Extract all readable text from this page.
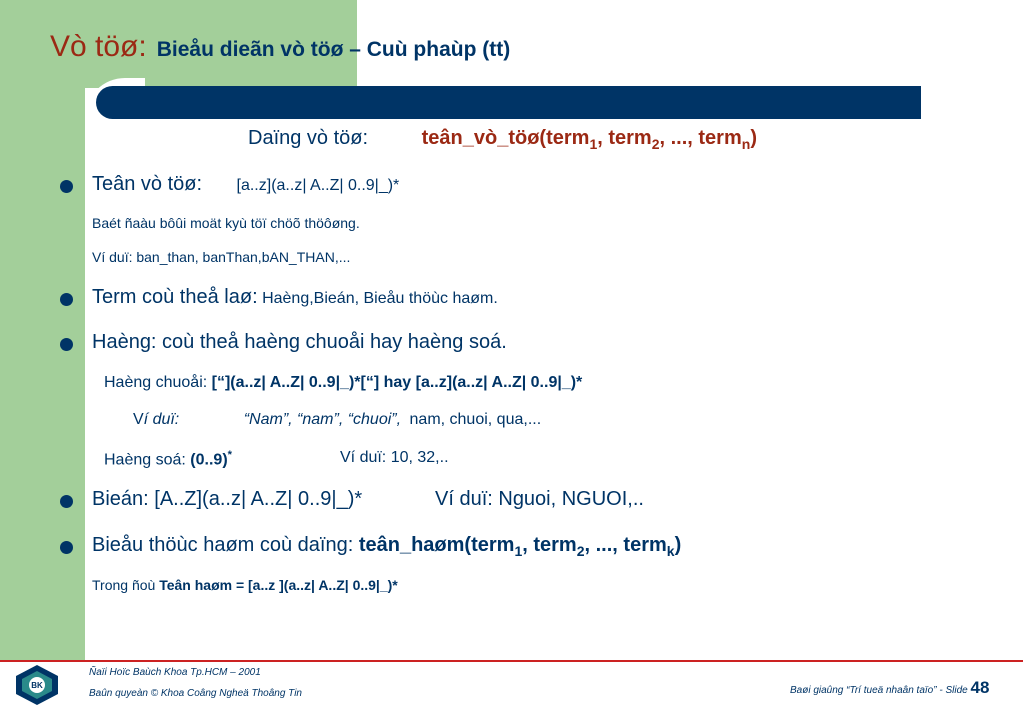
Vò töø: Bieåu dieãn vò töø – Cuù phaùp (tt)
Daïng vò töø:	teân_vò_töø(term$_1$, term$_2$, ..., term$_n$)
Teân vò töø: [a..z](a..z| A..Z| 0..9|_)*
Baét ñaàu bôûi moät kyù töï chöõ thöôøng.
Ví duï: ban_than, banThan,bAN_THAN,...
Term coù theå laø: Haèng,Bieán, Bieåu thöùc haøm.
Haèng: coù theå haèng chuoåi hay haèng soá.
Haèng chuoåi: [“](a..z| A..Z| 0..9|_)*[“] hay [a..z](a..z| A..Z| 0..9|_)*
Ví duï:	“Nam”, “nam”, “chuoi”, nam, chuoi, qua,...
Haèng soá: (0..9)*	Ví duï: 10, 32,..
Bieán: [A..Z](a..z| A..Z| 0..9|_)*	Ví duï: Nguoi, NGUOI,..
Bieåu thöùc haøm coù daïng: teân_haøm(term$_1$, term$_2$, ..., term$_k$)
Trong ñoù Teân haøm = [a..z ](a..z| A..Z| 0..9|_)*
BK
Ñaïi Hoïc Baùch Khoa Tp.HCM – 2001
Baûn quyeàn © Khoa Coâng Ngheä Thoâng Tin	Baøi giaûng “Trí tueä nhaân taïo” - Slide 48
